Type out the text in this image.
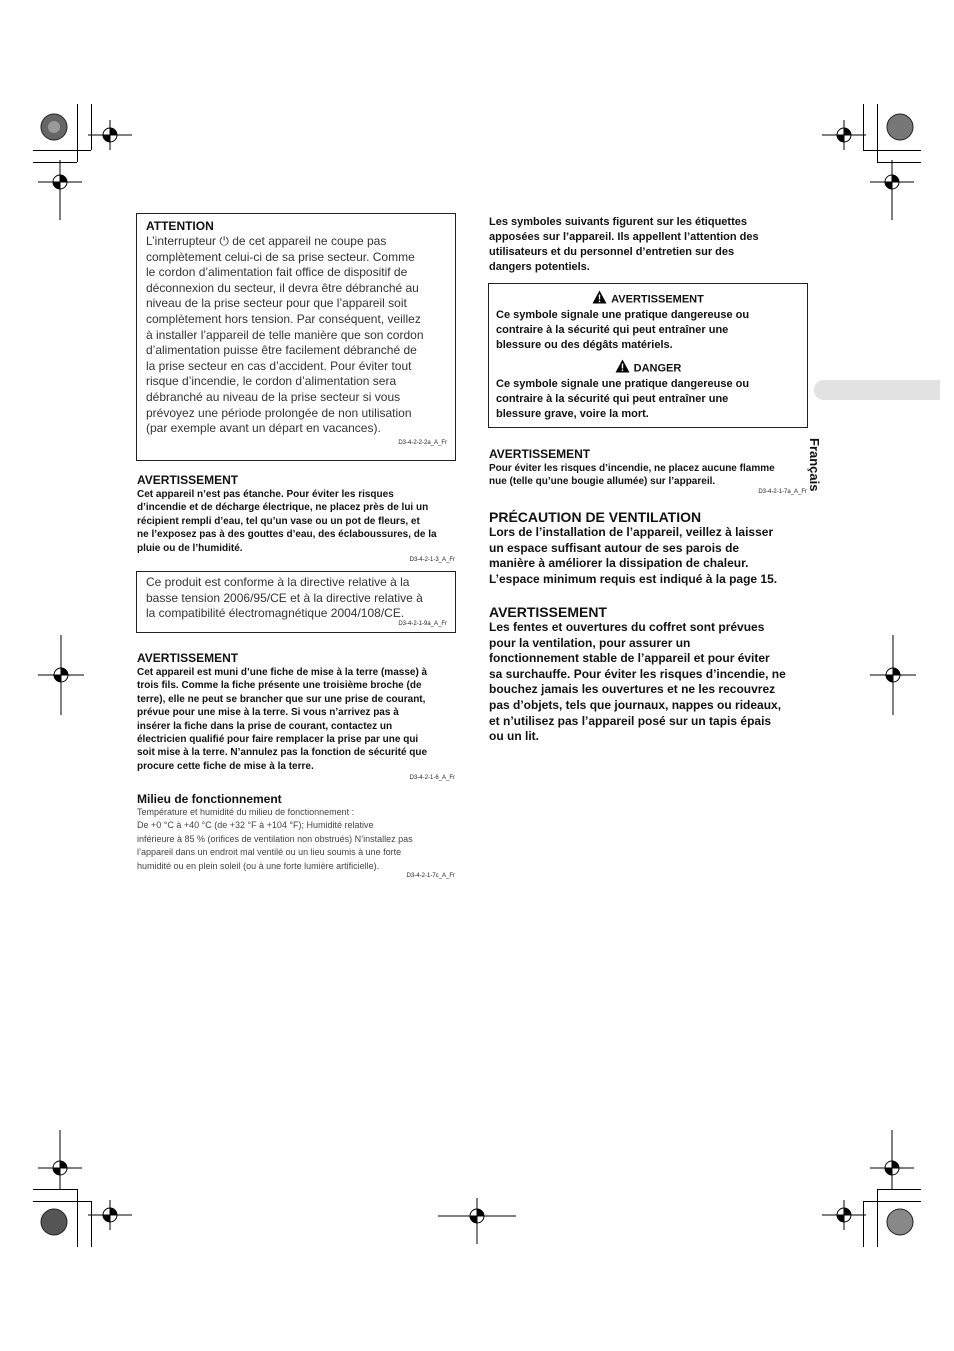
Français
ATTENTION
L’interrupteur ⏻ de cet appareil ne coupe pas
complètement celui-ci de sa prise secteur. Comme
le cordon d’alimentation fait office de dispositif de
déconnexion du secteur, il devra être débranché au
niveau de la prise secteur pour que l’appareil soit
complètement hors tension. Par conséquent, veillez
à installer l’appareil de telle manière que son cordon
d’alimentation puisse être facilement débranché de
la prise secteur en cas d’accident. Pour éviter tout
risque d’incendie, le cordon d’alimentation sera
débranché au niveau de la prise secteur si vous
prévoyez une période prolongée de non utilisation
(par exemple avant un départ en vacances).
D3-4-2-2-2a_A_Fr
AVERTISSEMENT
Cet appareil n’est pas étanche. Pour éviter les risques
d’incendie et de décharge électrique, ne placez près de lui un
récipient rempli d’eau, tel qu’un vase ou un pot de fleurs, et
ne l’exposez pas à des gouttes d’eau, des éclaboussures, de la
pluie ou de l’humidité.
D3-4-2-1-3_A_Fr
Ce produit est conforme à la directive relative à la
basse tension 2006/95/CE et à la directive relative à
la compatibilité électromagnétique 2004/108/CE.
D3-4-2-1-9a_A_Fr
AVERTISSEMENT
Cet appareil est muni d’une fiche de mise à la terre (masse) à
trois fils. Comme la fiche présente une troisième broche (de
terre), elle ne peut se brancher que sur une prise de courant,
prévue pour une mise à la terre. Si vous n’arrivez pas à
insérer la fiche dans la prise de courant, contactez un
électricien qualifié pour faire remplacer la prise par une qui
soit mise à la terre. N’annulez pas la fonction de sécurité que
procure cette fiche de mise à la terre.
D3-4-2-1-6_A_Fr
Milieu de fonctionnement
Température et humidité du milieu de fonctionnement :
De +0 °C à +40 °C (de +32 °F à +104 °F); Humidité relative
inférieure à 85 % (orifices de ventilation non obstrués) N’installez pas
l’appareil dans un endroit mal ventilé ou un lieu soumis à une forte
humidité ou en plein soleil (ou à une forte lumière artificielle).
D3-4-2-1-7c_A_Fr
Les symboles suivants figurent sur les étiquettes
apposées sur l’appareil. Ils appellent l’attention des
utilisateurs et du personnel d’entretien sur des
dangers potentiels.
AVERTISSEMENT
Ce symbole signale une pratique dangereuse ou
contraire à la sécurité qui peut entraîner une
blessure ou des dégâts matériels.
DANGER
Ce symbole signale une pratique dangereuse ou
contraire à la sécurité qui peut entraîner une
blessure grave, voire la mort.
AVERTISSEMENT
Pour éviter les risques d’incendie, ne placez aucune flamme
nue (telle qu’une bougie allumée) sur l’appareil.
D3-4-2-1-7a_A_Fr
PRÉCAUTION DE VENTILATION
Lors de l’installation de l’appareil, veillez à laisser
un espace suffisant autour de ses parois de
manière à améliorer la dissipation de chaleur.
L’espace minimum requis est indiqué à la page 15.
AVERTISSEMENT
Les fentes et ouvertures du coffret sont prévues
pour la ventilation, pour assurer un
fonctionnement stable de l’appareil et pour éviter
sa surchauffe. Pour éviter les risques d’incendie, ne
bouchez jamais les ouvertures et ne les recouvrez
pas d’objets, tels que journaux, nappes ou rideaux,
et n’utilisez pas l’appareil posé sur un tapis épais
ou un lit.
